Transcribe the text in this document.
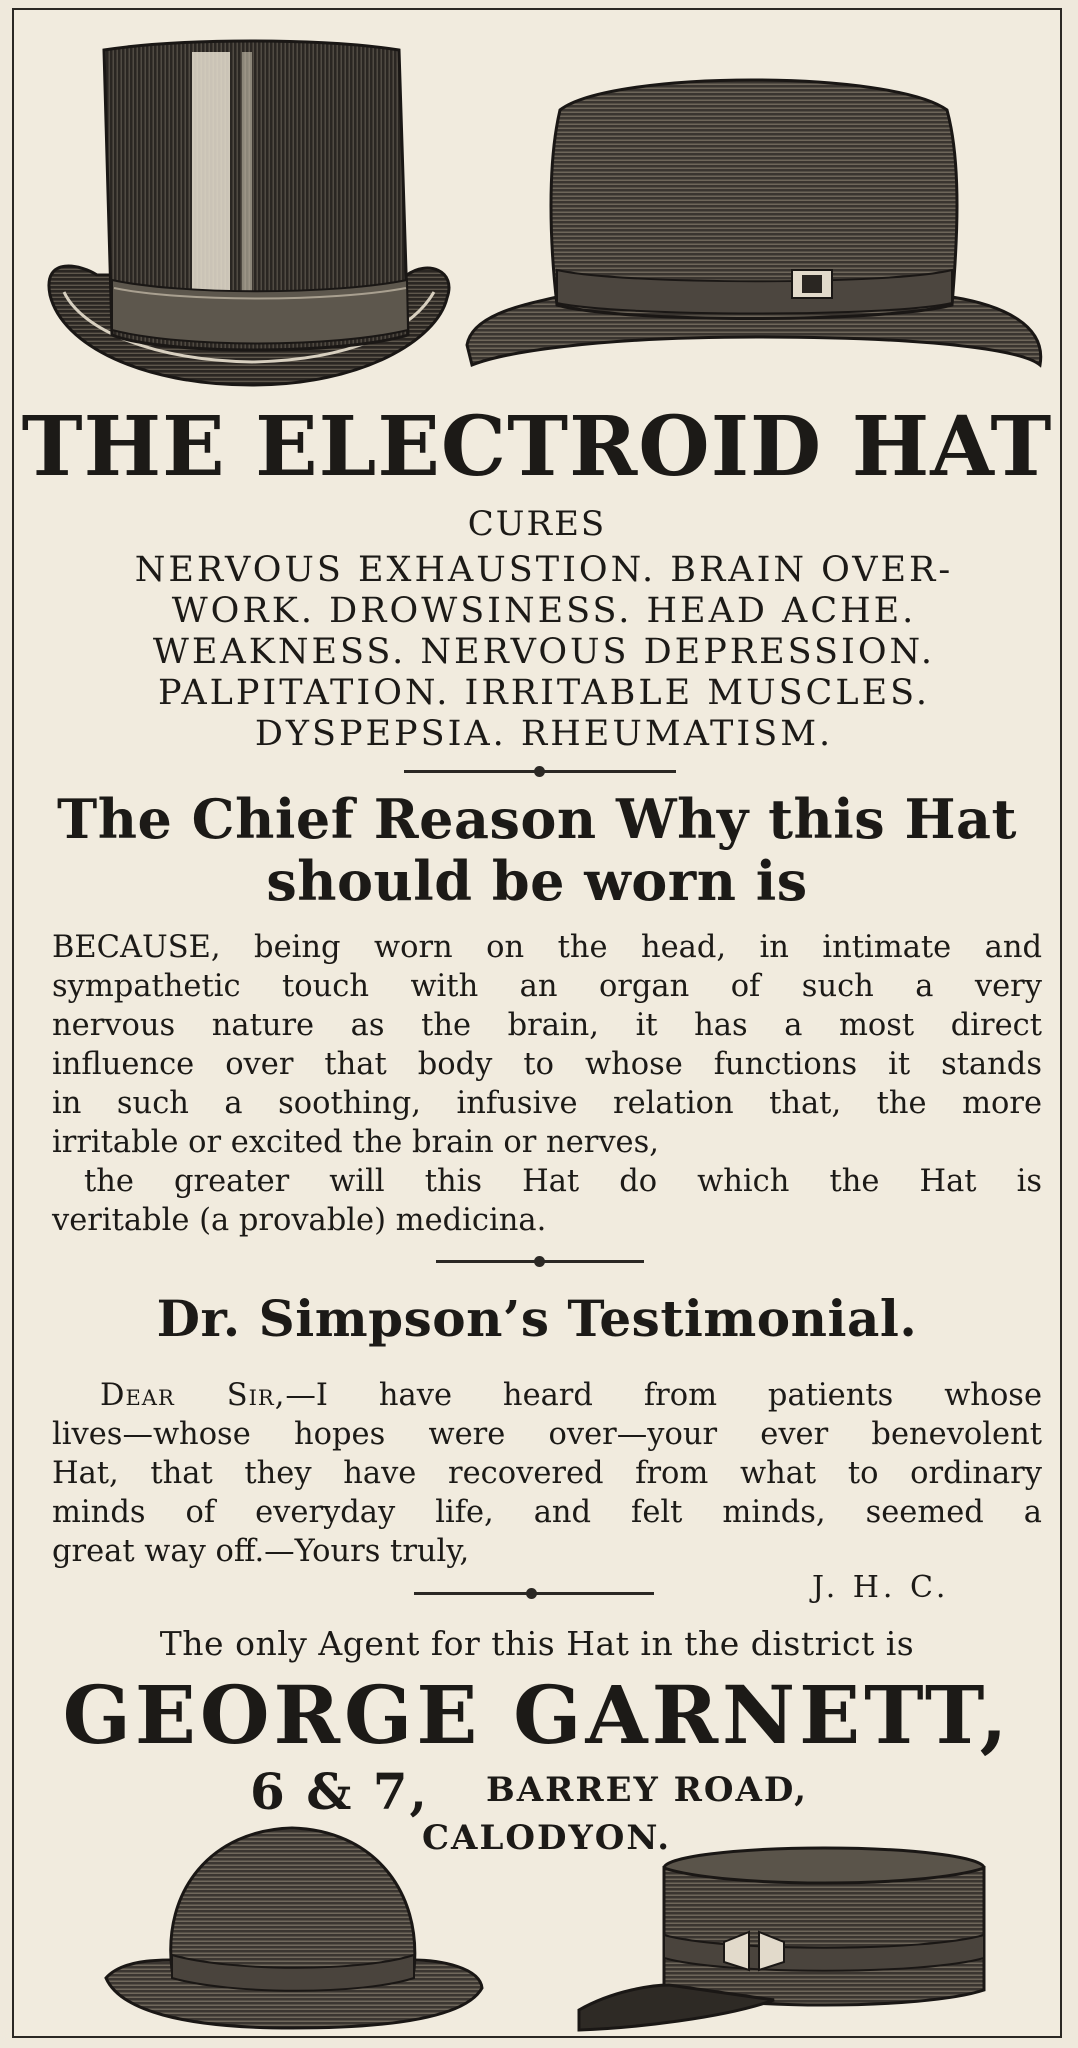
THE ELECTROID HAT
CURES
NERVOUS EXHAUSTION. BRAIN OVER-
WORK. DROWSINESS. HEAD ACHE.
WEAKNESS. NERVOUS DEPRESSION.
PALPITATION. IRRITABLE MUSCLES.
DYSPEPSIA. RHEUMATISM.
The Chief Reason Why this Hat
should be worn is
BECAUSE, being worn on the head, in intimate and
sympathetic touch with an organ of such a very
nervous nature as the brain, it has a most direct
influence over that body to whose functions it stands
in such a soothing, infusive relation that, the more
irritable or excited the brain or nerves,
the greater will this Hat do which the Hat is
veritable (a provable) medicina.
Dr. Simpson’s Testimonial.
Dear Sir,—I have heard from patients whose
lives—whose hopes were over—your ever benevolent
Hat, that they have recovered from what to ordinary
minds of everyday life, and felt minds, seemed a
great way off.—Yours truly,
J. H. C.
The only Agent for this Hat in the district is
GEORGE GARNETT,
6 & 7, BARREY ROAD,
CALODYON.
